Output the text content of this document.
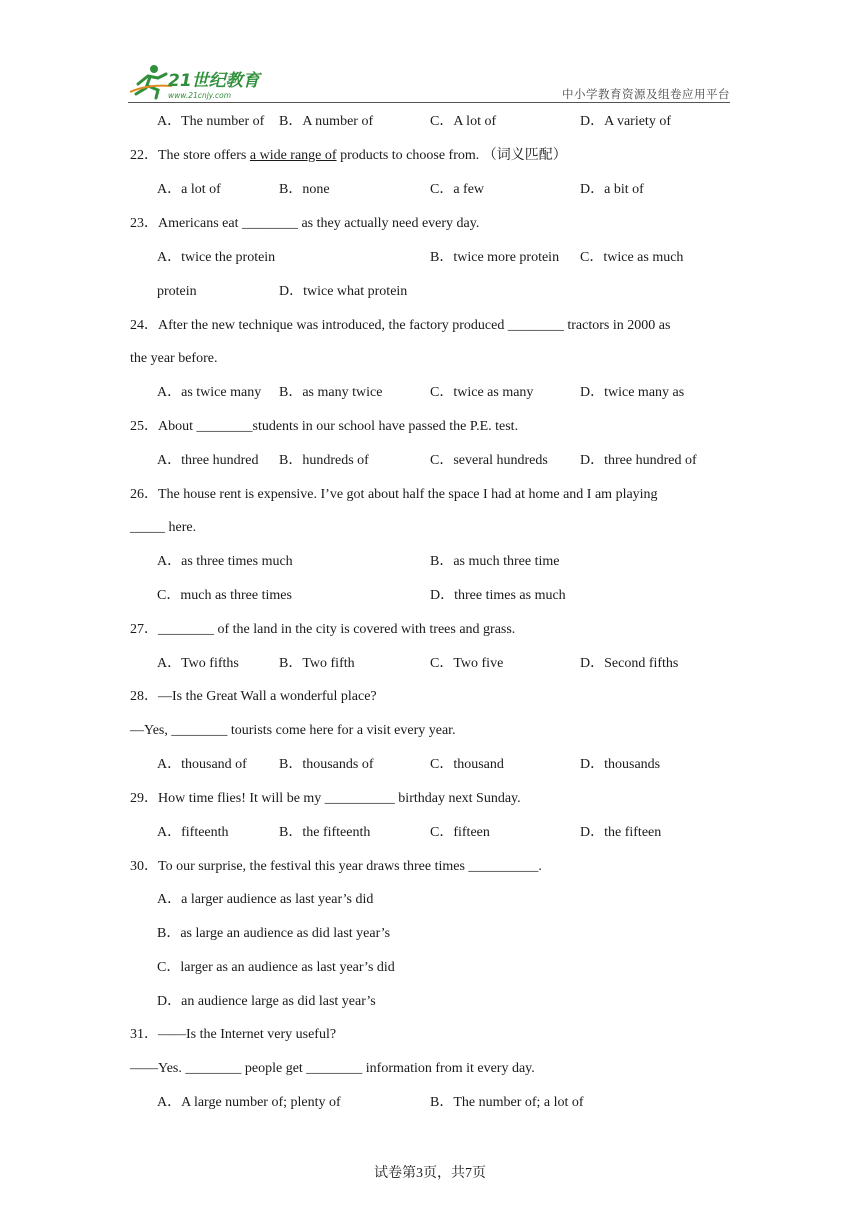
21世纪教育
www.21cnjy.com	中小学教育资源及组卷应用平台
A．The number of B．A number of	C．A lot of	D．A variety of
22．The store offers a wide range of products to choose from. （词义匹配）
A．a lot of	B．none	C．a few	D．a bit of
23．Americans eat ________ as they actually need every day.
A．twice the protein	B．twice more protein C．twice as much
protein	D．twice what protein
24．After the new technique was introduced, the factory produced ________ tractors in 2000 as
the year before.
A．as twice many B．as many twice	C．twice as many	D．twice many as
25．About ________students in our school have passed the P.E. test.
A．three hundred B．hundreds of	C．several hundreds D．three hundred of
26．The house rent is expensive. I’ve got about half the space I had at home and I am playing
_____ here.
A．as three times much	B．as much three time
C．much as three times	D．three times as much
27．________ of the land in the city is covered with trees and grass.
A．Two fifths	B．Two fifth	C．Two five	D．Second fifths
28．—Is the Great Wall a wonderful place?
—Yes, ________ tourists come here for a visit every year.
A．thousand of B．thousands of	C．thousand	D．thousands
29．How time flies! It will be my __________ birthday next Sunday.
A．fifteenth	B．the fifteenth	C．fifteen	D．the fifteen
30．To our surprise, the festival this year draws three times __________.
A．a larger audience as last year’s did
B．as large an audience as did last year’s
C．larger as an audience as last year’s did
D．an audience large as did last year’s
31．——Is the Internet very useful?
——Yes. ________ people get ________ information from it every day.
A．A large number of; plenty of	B．The number of; a lot of
试卷第3页，共7页
